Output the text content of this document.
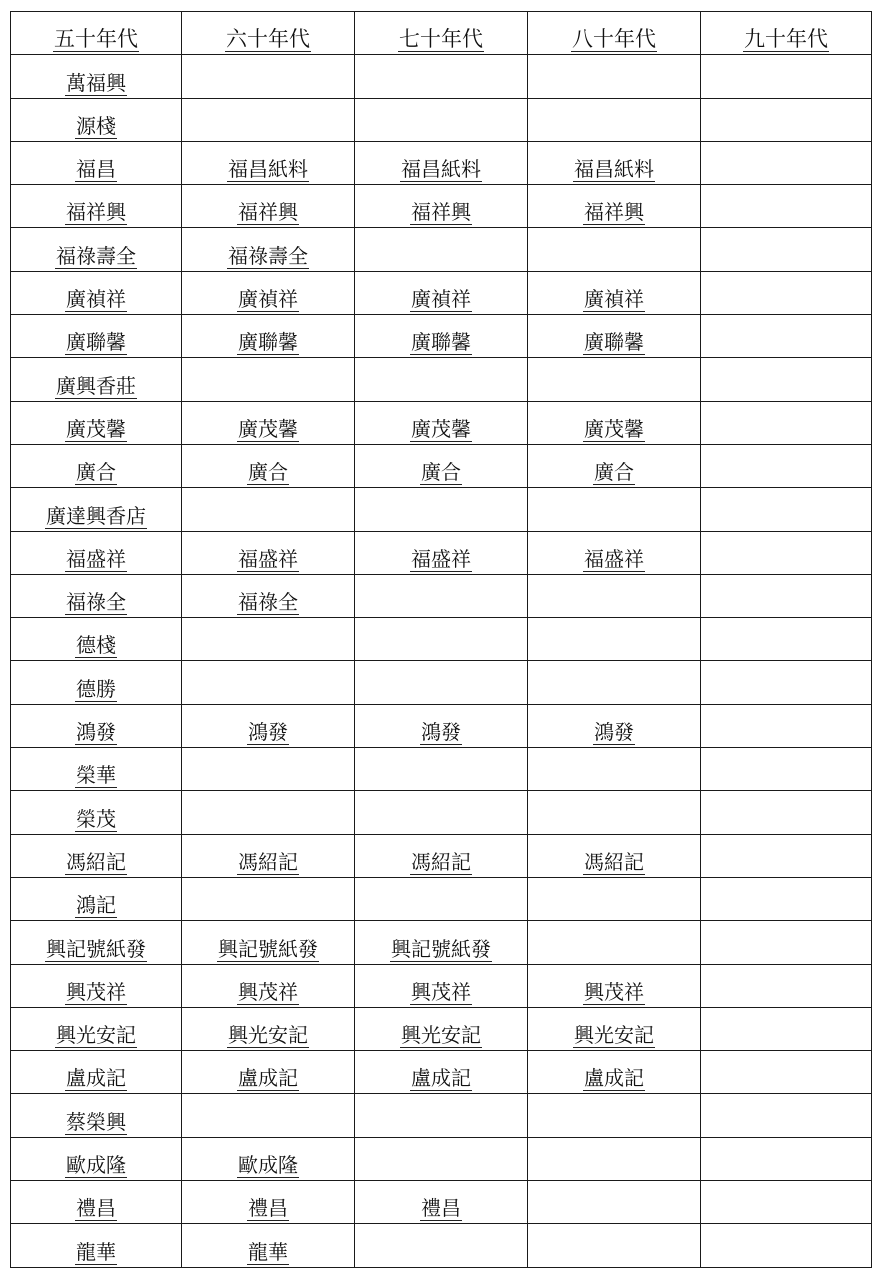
五十年代	六十年代	七十年代	八十年代	九十年代
萬福興				
源棧				
福昌	福昌紙料	福昌紙料	福昌紙料	
福祥興	福祥興	福祥興	福祥興	
福祿壽全	福祿壽全			
廣禎祥	廣禎祥	廣禎祥	廣禎祥	
廣聯馨	廣聯馨	廣聯馨	廣聯馨	
廣興香莊				
廣茂馨	廣茂馨	廣茂馨	廣茂馨	
廣合	廣合	廣合	廣合	
廣達興香店				
福盛祥	福盛祥	福盛祥	福盛祥	
福祿全	福祿全			
德棧				
德勝				
鴻發	鴻發	鴻發	鴻發	
榮華				
榮茂				
馮紹記	馮紹記	馮紹記	馮紹記	
鴻記				
興記號紙發	興記號紙發	興記號紙發		
興茂祥	興茂祥	興茂祥	興茂祥	
興光安記	興光安記	興光安記	興光安記	
盧成記	盧成記	盧成記	盧成記	
蔡榮興				
歐成隆	歐成隆			
禮昌	禮昌	禮昌		
龍華	龍華			
